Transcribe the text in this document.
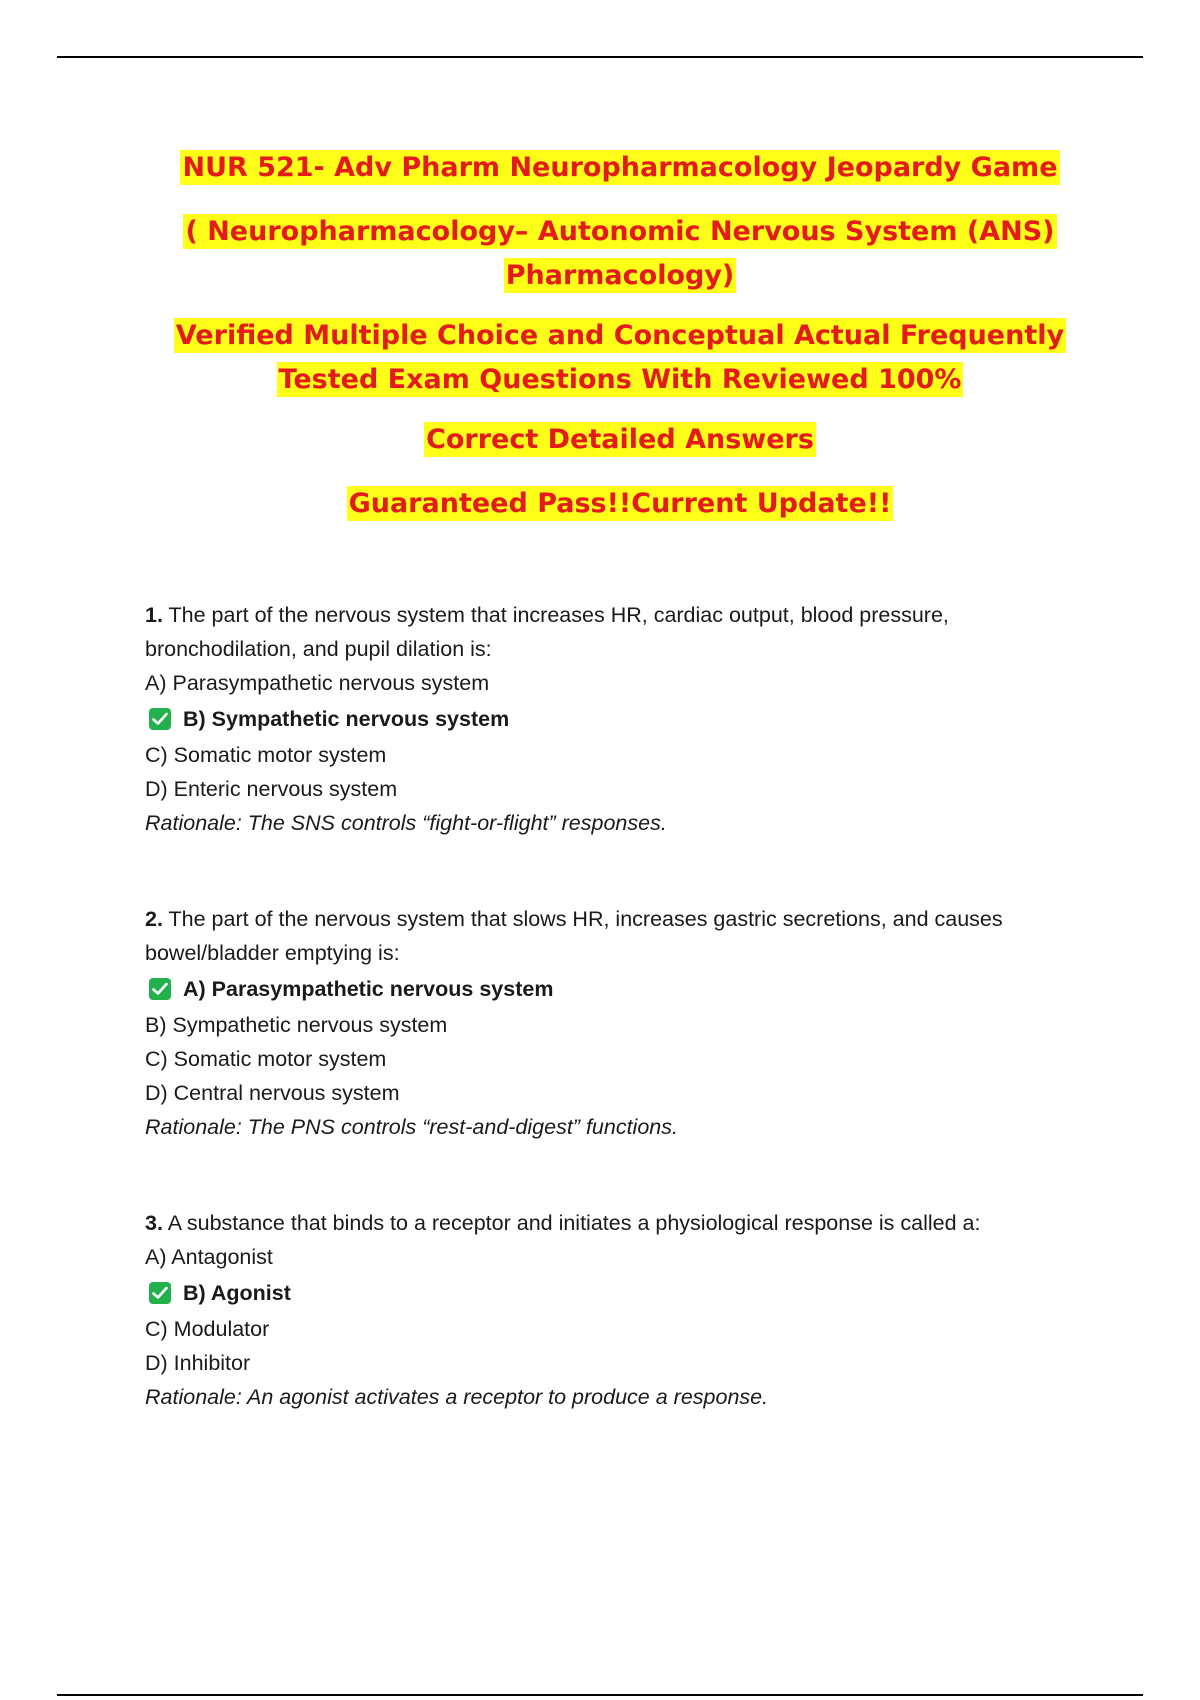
NUR 521- Adv Pharm Neuropharmacology Jeopardy Game
( Neuropharmacology– Autonomic Nervous System (ANS) Pharmacology)
Verified Multiple Choice and Conceptual Actual Frequently Tested Exam Questions With Reviewed 100%
Correct Detailed Answers
Guaranteed Pass!!Current Update!!

1. The part of the nervous system that increases HR, cardiac output, blood pressure, bronchodilation, and pupil dilation is:

A) Parasympathetic nervous system

B) Sympathetic nervous system

C) Somatic motor system

D) Enteric nervous system

Rationale: The SNS controls “fight-or-flight” responses.

2. The part of the nervous system that slows HR, increases gastric secretions, and causes bowel/bladder emptying is:

A) Parasympathetic nervous system

B) Sympathetic nervous system

C) Somatic motor system

D) Central nervous system

Rationale: The PNS controls “rest-and-digest” functions.

3. A substance that binds to a receptor and initiates a physiological response is called a:

A) Antagonist

B) Agonist

C) Modulator

D) Inhibitor

Rationale: An agonist activates a receptor to produce a response.
